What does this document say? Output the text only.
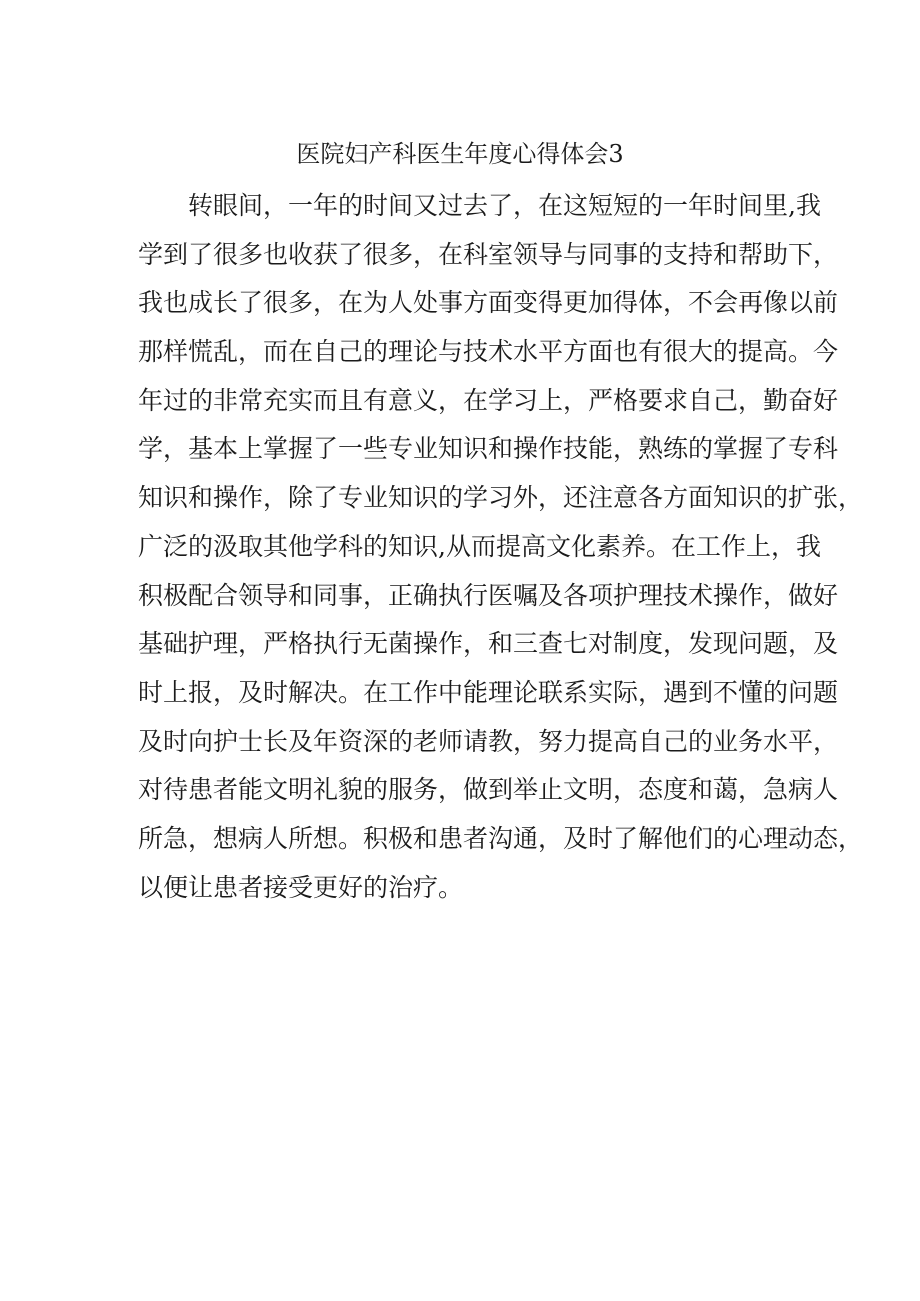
医院妇产科医生年度心得体会3
转眼间，一年的时间又过去了，在这短短的一年时间里,我
学到了很多也收获了很多，在科室领导与同事的支持和帮助下，
我也成长了很多，在为人处事方面变得更加得体，不会再像以前
那样慌乱，而在自己的理论与技术水平方面也有很大的提高。今
年过的非常充实而且有意义，在学习上，严格要求自己，勤奋好
学，基本上掌握了一些专业知识和操作技能，熟练的掌握了专科
知识和操作，除了专业知识的学习外，还注意各方面知识的扩张，
广泛的汲取其他学科的知识,从而提高文化素养。在工作上，我
积极配合领导和同事，正确执行医嘱及各项护理技术操作，做好
基础护理，严格执行无菌操作，和三查七对制度，发现问题，及
时上报，及时解决。在工作中能理论联系实际，遇到不懂的问题
及时向护士长及年资深的老师请教，努力提高自己的业务水平，
对待患者能文明礼貌的服务，做到举止文明，态度和蔼，急病人
所急，想病人所想。积极和患者沟通，及时了解他们的心理动态，
以便让患者接受更好的治疗。
